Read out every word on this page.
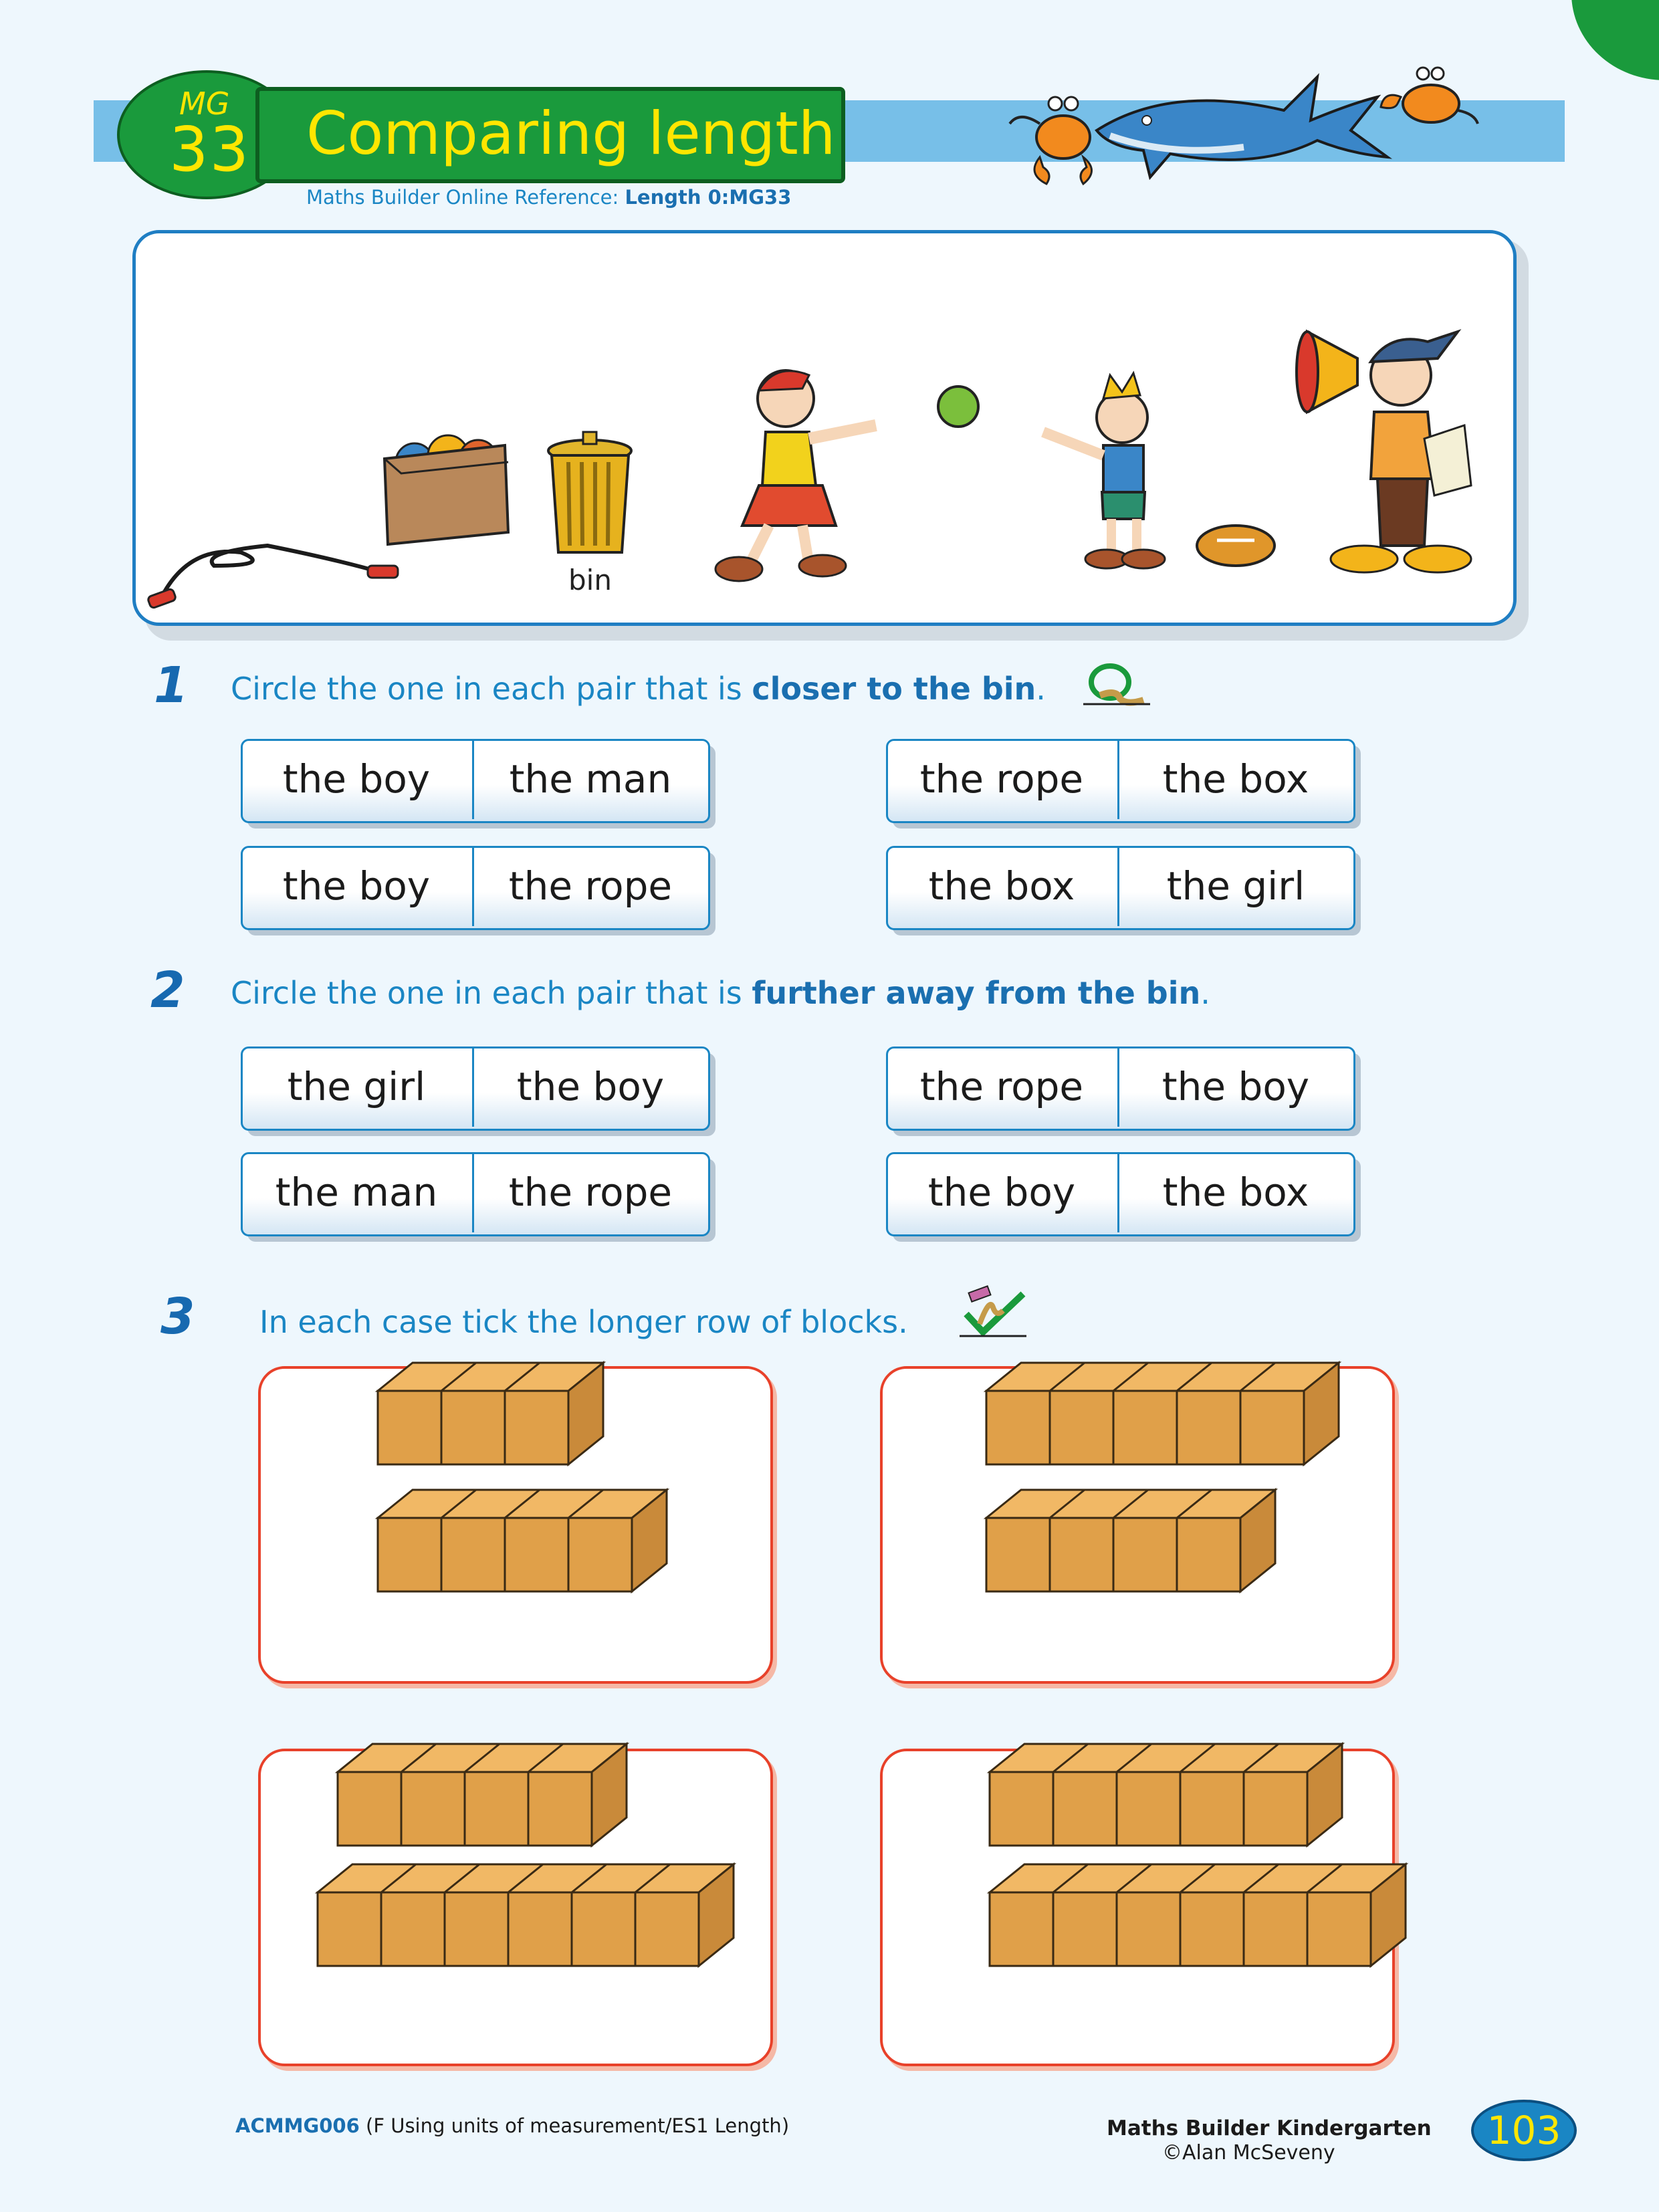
MG
33 Comparing length
Maths Builder Online Reference: Length 0:MG33
bin
1 Circle the one in each pair that is closer to the bin.
the boy	the man	the rope	the box
the boy	the rope	the box	the girl
2 Circle the one in each pair that is further away from the bin.
the girl	the boy	the rope	the boy
the man	the rope	the boy	the box
3 In each case tick the longer row of blocks.
ACMMG006 (F Using units of measurement/ES1 Length)	Maths Builder Kindergarten
©Alan McSeveny	103
